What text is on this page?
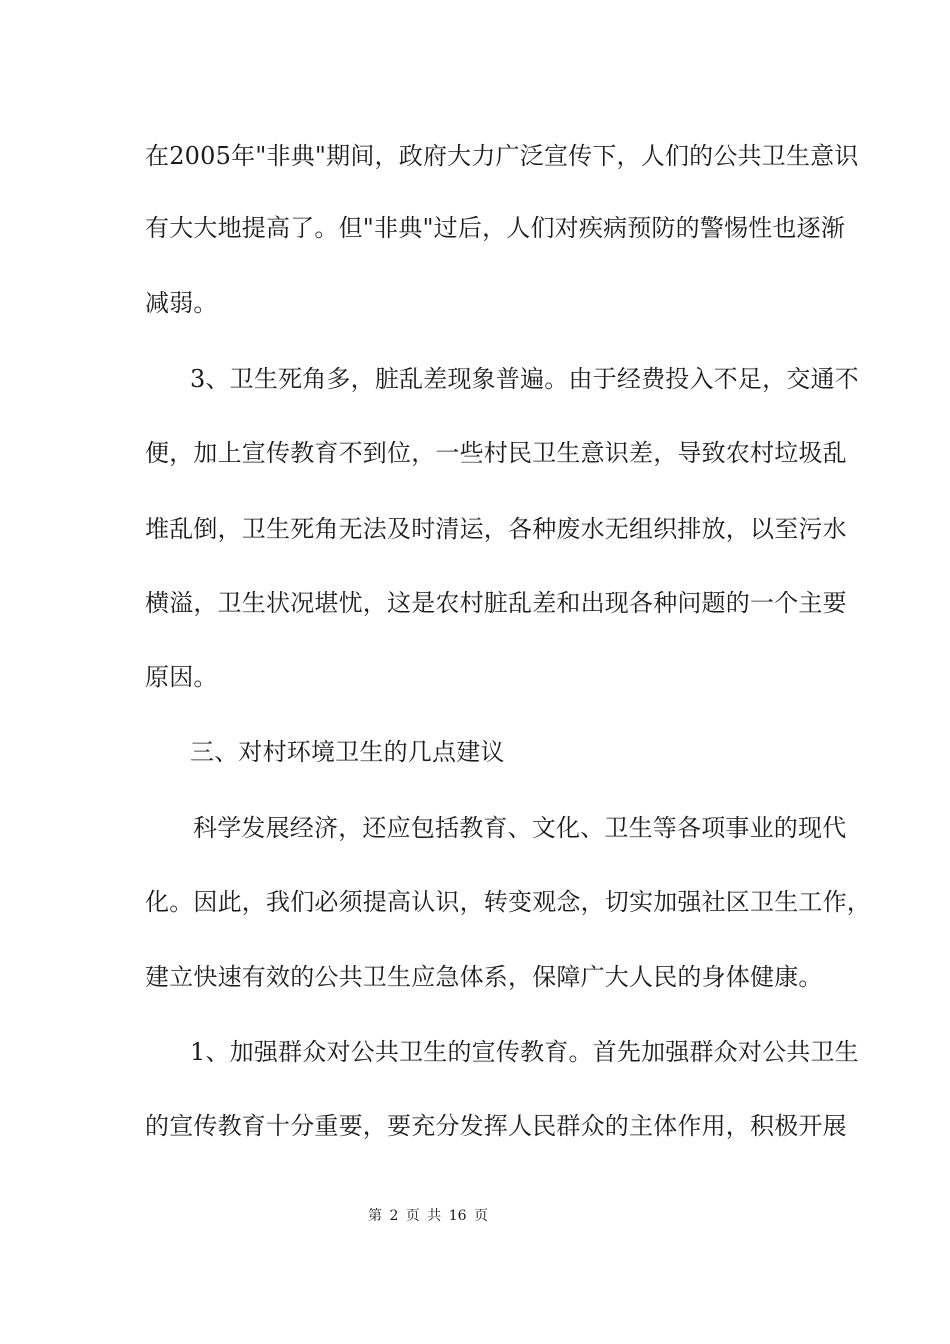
在2005年"非典"期间，政府大力广泛宣传下，人们的公共卫生意识
有大大地提高了。但"非典"过后，人们对疾病预防的警惕性也逐渐
减弱。
3、卫生死角多，脏乱差现象普遍。由于经费投入不足，交通不
便，加上宣传教育不到位，一些村民卫生意识差，导致农村垃圾乱
堆乱倒，卫生死角无法及时清运，各种废水无组织排放，以至污水
横溢，卫生状况堪忧，这是农村脏乱差和出现各种问题的一个主要
原因。
三、对村环境卫生的几点建议
科学发展经济，还应包括教育、文化、卫生等各项事业的现代
化。因此，我们必须提高认识，转变观念，切实加强社区卫生工作，
建立快速有效的公共卫生应急体系，保障广大人民的身体健康。
1、加强群众对公共卫生的宣传教育。首先加强群众对公共卫生
的宣传教育十分重要，要充分发挥人民群众的主体作用，积极开展
第 2 页 共 16 页
